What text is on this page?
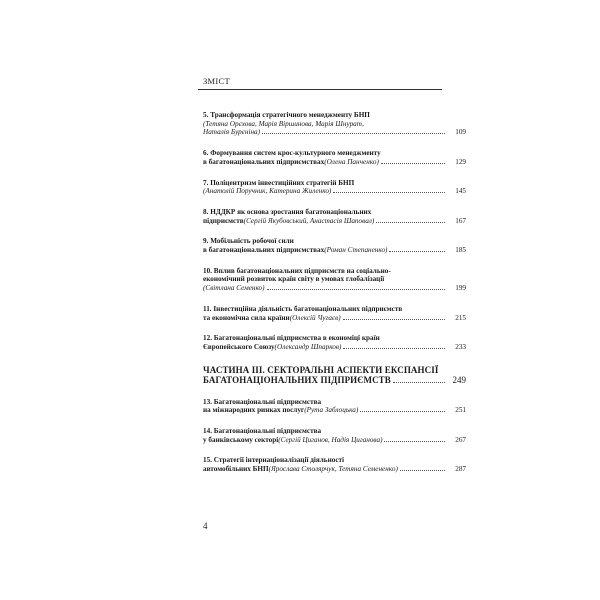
ЗМІСТ
5. Трансформація стратегічного менеджменту БНП
(Тетяна Орєхова, Марія Віршинова, Марія Шнурат,
Наталія Бурєніна)	109
6. Формування систем крос-культурного менеджменту
в багатонаціональних підприємствах (Олена Панченко)	129
7. Поліцентризм інвестиційних стратегій БНП
(Анатолій Поручник, Катерина Жиленко)	145
8. НДДКР як основа зростання багатонаціональних
підприємств (Сергій Якубовський, Анастасія Шаповал)	167
9. Мобільність робочої сили
в багатонаціональних підприємствах (Роман Степаненко)	185
10. Вплив багатонаціональних підприємств на соціально-
економічний розвиток країн світу в умовах глобалізації
(Світлана Семенко)	199
11. Інвестиційна діяльність багатонаціональних підприємств
та економічна сила країни (Олексій Чугаєв)	215
12. Багатонаціональні підприємства в економіці країн
Європейського Союзу (Олександр Шпарков)	233
ЧАСТИНА ІІІ. СЕКТОРАЛЬНІ АСПЕКТИ ЕКСПАНСІЇ
БАГАТОНАЦІОНАЛЬНИХ ПІДПРИЄМСТВ	249
13. Багатонаціональні підприємства
на міжнародних ринках послуг (Рута Заблоцька)	251
14. Багатонаціональні підприємства
у банківському секторі (Сергій Циганов, Надія Циганова)	267
15. Стратегії інтернаціоналізації діяльності
автомобільних БНП (Ярослава Столярчук, Тетяна Семененко)	287
4
